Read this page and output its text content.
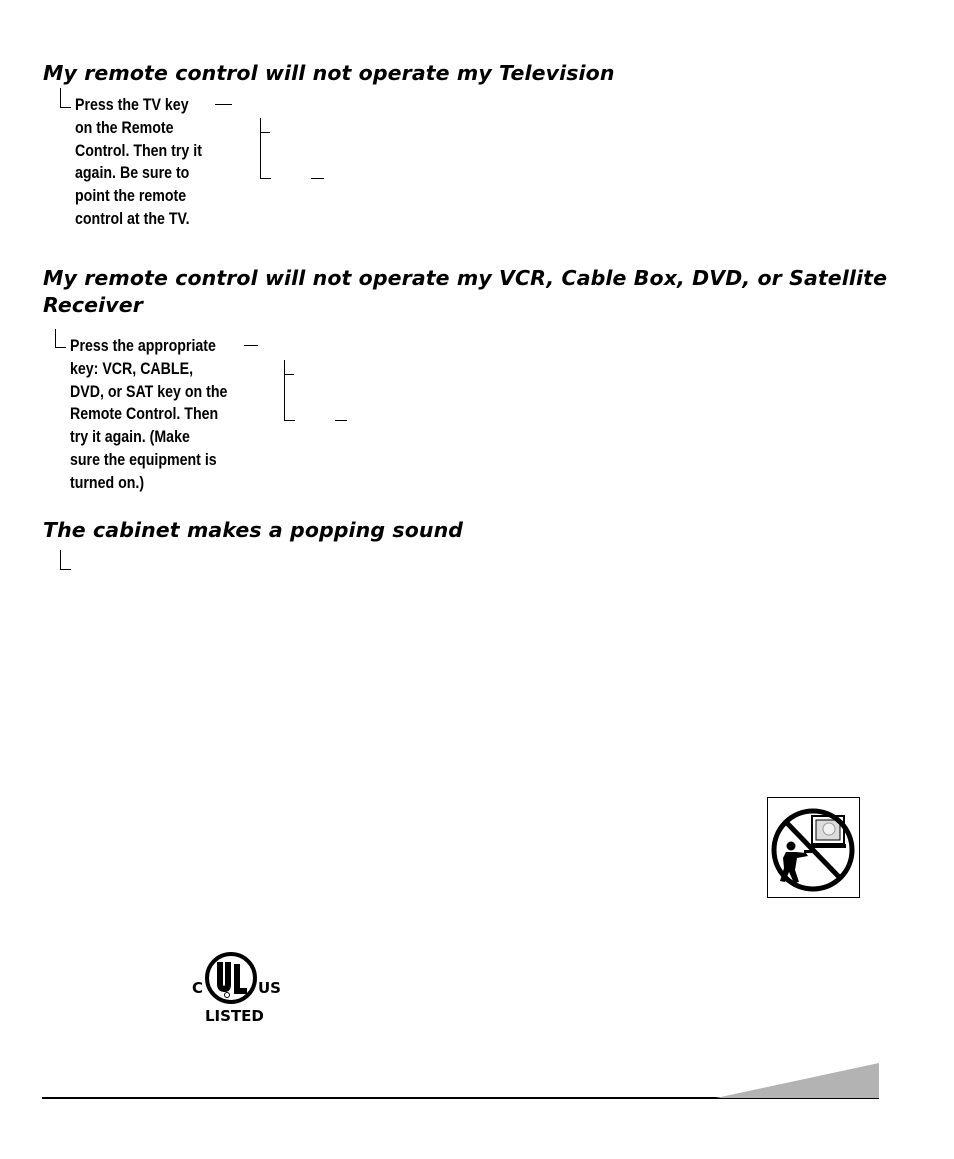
My remote control will not operate my Television
Press the TV key
on the Remote
Control. Then try it
again. Be sure to
point the remote
control at the TV.
My remote control will not operate my VCR, Cable Box, DVD, or Satellite
Receiver
Press the appropriate
key: VCR, CABLE,
DVD, or SAT key on the
Remote Control. Then
try it again. (Make
sure the equipment is
turned on.)
The cabinet makes a popping sound
C	US
LISTED
